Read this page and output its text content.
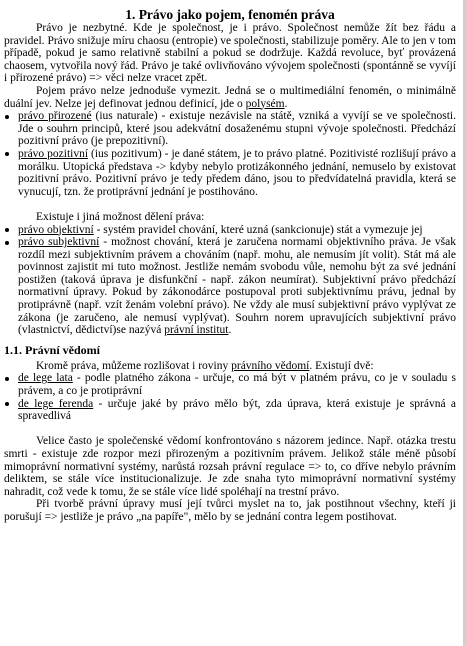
1. Právo jako pojem, fenomén práva

Právo je nezbytné. Kde je společnost, je i právo. Společnost nemůže žít bez řádu a pravidel. Právo snižuje míru chaosu (entropie) ve společnosti, stabilizuje poměry. Ale to jen v tom případě, pokud je samo relativně stabilní a pokud se dodržuje. Každá revoluce, byť provázená chaosem, vytvořila nový řád. Právo je také ovlivňováno vývojem společnosti (spontánně se vyvíjí i přirozené právo) => věci nelze vracet zpět.

Pojem právo nelze jednoduše vymezit. Jedná se o multimediální fenomén, o minimálně duální jev. Nelze jej definovat jednou definicí, jde o polysém.

právo přirozené (ius naturale) - existuje nezávisle na státě, vzniká a vyvíjí se ve společnosti. Jde o souhrn principů, které jsou adekvátní dosaženému stupni vývoje společnosti. Předchází pozitivní právo (je prepozitivní).
právo pozitivní (ius pozitivum) - je dané státem, je to právo platné. Pozitivisté rozlišují právo a morálku. Utopická představa -> kdyby nebylo protizákonného jednání, nemuselo by existovat pozitivní právo. Pozitivní právo je tedy předem dáno, jsou to předvídatelná pravidla, která se vynucují, tzn. že protiprávní jednání je postihováno.

Existuje i jiná možnost dělení práva:

právo objektivní - systém pravidel chování, které uzná (sankcionuje) stát a vymezuje jej
právo subjektivní - možnost chování, která je zaručena normami objektivního práva. Je však rozdíl mezi subjektivním právem a chováním (např. mohu, ale nemusím jít volit). Stát má ale povinnost zajistit mi tuto možnost. Jestliže nemám svobodu vůle, nemohu být za své jednání postižen (taková úprava je disfunkční - např. zákon neumírat). Subjektivní právo předchází normativní úpravy. Pokud by zákonodárce postupoval proti subjektivnímu právu, jednal by protiprávně (např. vzít ženám volební právo). Ne vždy ale musí subjektivní právo vyplývat ze zákona (je zaručeno, ale nemusí vyplývat). Souhrn norem upravujících subjektivní právo (vlastnictví, dědictví)se nazývá právní institut.
1.1. Právní vědomí

Kromě práva, můžeme rozlišovat i roviny právního vědomí. Existují dvě:

de lege lata - podle platného zákona - určuje, co má být v platném právu, co je v souladu s právem, a co je protiprávní
de lege ferenda - určuje jaké by právo mělo být, zda úprava, která existuje je správná a spravedlivá

Velice často je společenské vědomí konfrontováno s názorem jedince. Např. otázka trestu smrti - existuje zde rozpor mezi přirozeným a pozitivním právem. Jelikož stále méně působí mimoprávní normativní systémy, narůstá rozsah právní regulace => to, co dříve nebylo právním deliktem, se stále více institucionalizuje. Je zde snaha tyto mimoprávní normativní systémy nahradit, což vede k tomu, že se stále více lidé spoléhají na trestní právo.

Při tvorbě právní úpravy musí její tvůrci myslet na to, jak postihnout všechny, kteří ji porušují => jestliže je právo „na papíře", mělo by se jednání contra legem postihovat.
